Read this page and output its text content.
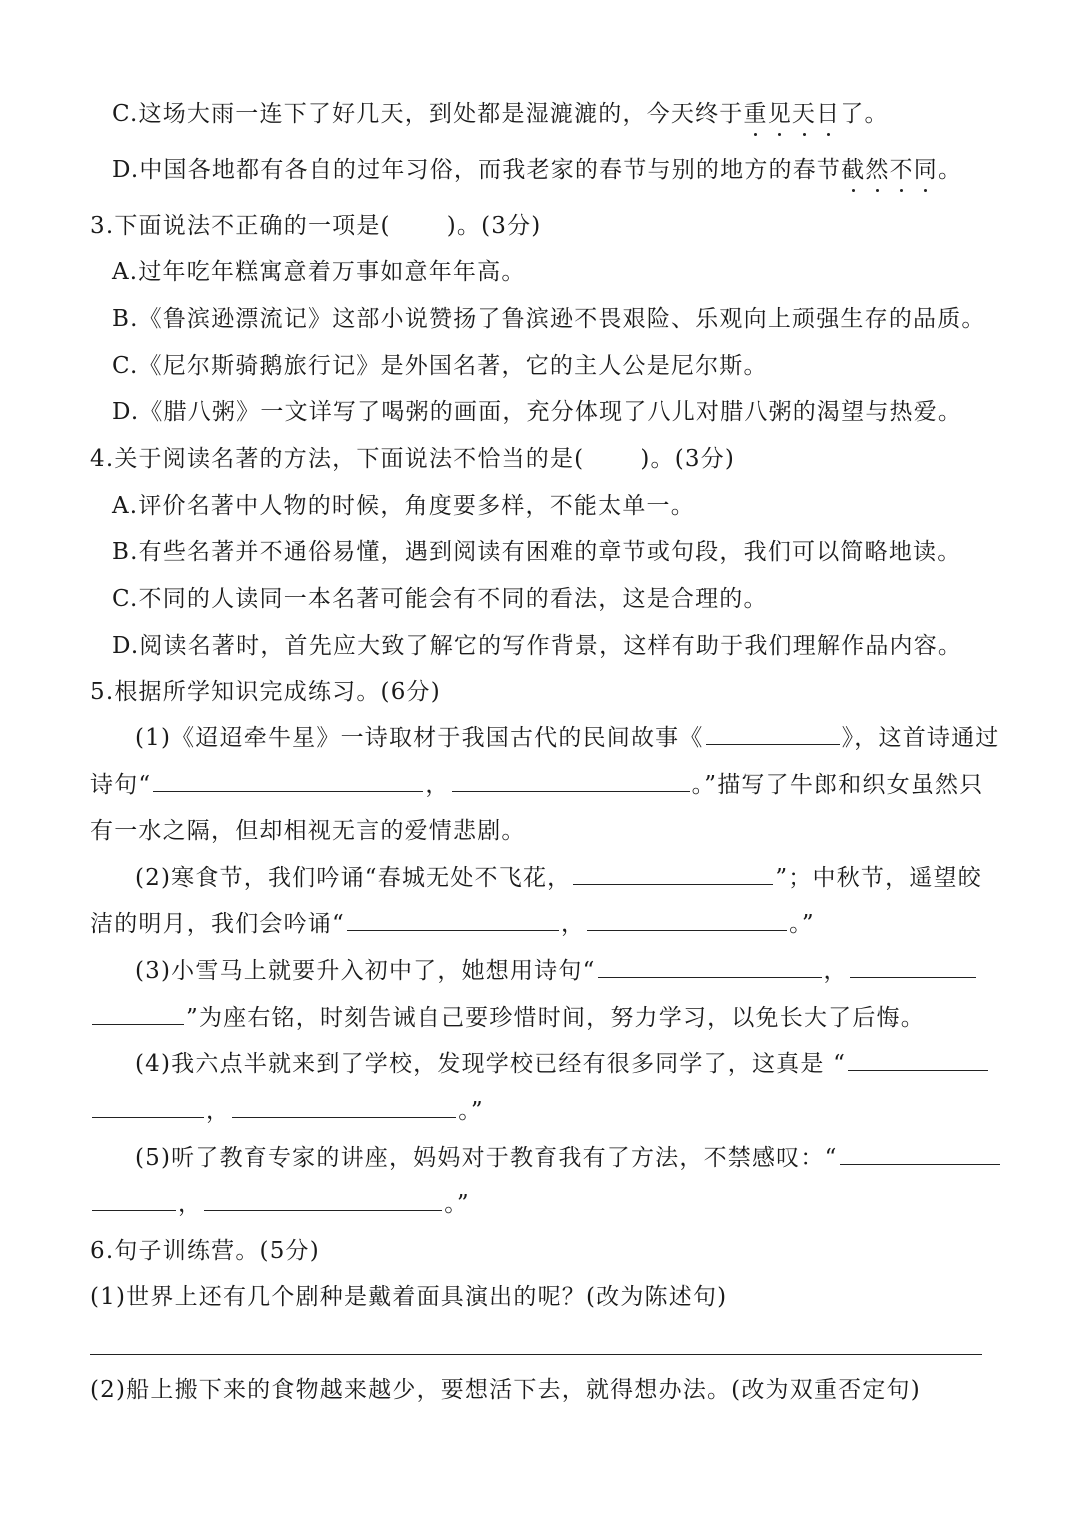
C.这场大雨一连下了好几天，到处都是湿漉漉的，今天终于重见天日了。
D.中国各地都有各自的过年习俗，而我老家的春节与别的地方的春节截然不同。
3.下面说法不正确的一项是( )。(3分)
A.过年吃年糕寓意着万事如意年年高。
B.《鲁滨逊漂流记》这部小说赞扬了鲁滨逊不畏艰险、乐观向上顽强生存的品质。
C.《尼尔斯骑鹅旅行记》是外国名著，它的主人公是尼尔斯。
D.《腊八粥》一文详写了喝粥的画面，充分体现了八儿对腊八粥的渴望与热爱。
4.关于阅读名著的方法，下面说法不恰当的是( )。(3分)
A.评价名著中人物的时候，角度要多样，不能太单一。
B.有些名著并不通俗易懂，遇到阅读有困难的章节或句段，我们可以简略地读。
C.不同的人读同一本名著可能会有不同的看法，这是合理的。
D.阅读名著时，首先应大致了解它的写作背景，这样有助于我们理解作品内容。
5.根据所学知识完成练习。(6分)
(1)《迢迢牵牛星》一诗取材于我国古代的民间故事《	》，这首诗通过
诗句“	，	。”描写了牛郎和织女虽然只
有一水之隔，但却相视无言的爱情悲剧。
(2)寒食节，我们吟诵“春城无处不飞花，	”；中秋节，遥望皎
洁的明月，我们会吟诵“	，	。”
(3)小雪马上就要升入初中了，她想用诗句“	，
”为座右铭，时刻告诫自己要珍惜时间，努力学习，以免长大了后悔。
(4)我六点半就来到了学校，发现学校已经有很多同学了，这真是 “
，	。”
(5)听了教育专家的讲座，妈妈对于教育我有了方法，不禁感叹：“
，	。”
6.句子训练营。(5分)
(1)世界上还有几个剧种是戴着面具演出的呢？(改为陈述句)
(2)船上搬下来的食物越来越少，要想活下去，就得想办法。(改为双重否定句)
